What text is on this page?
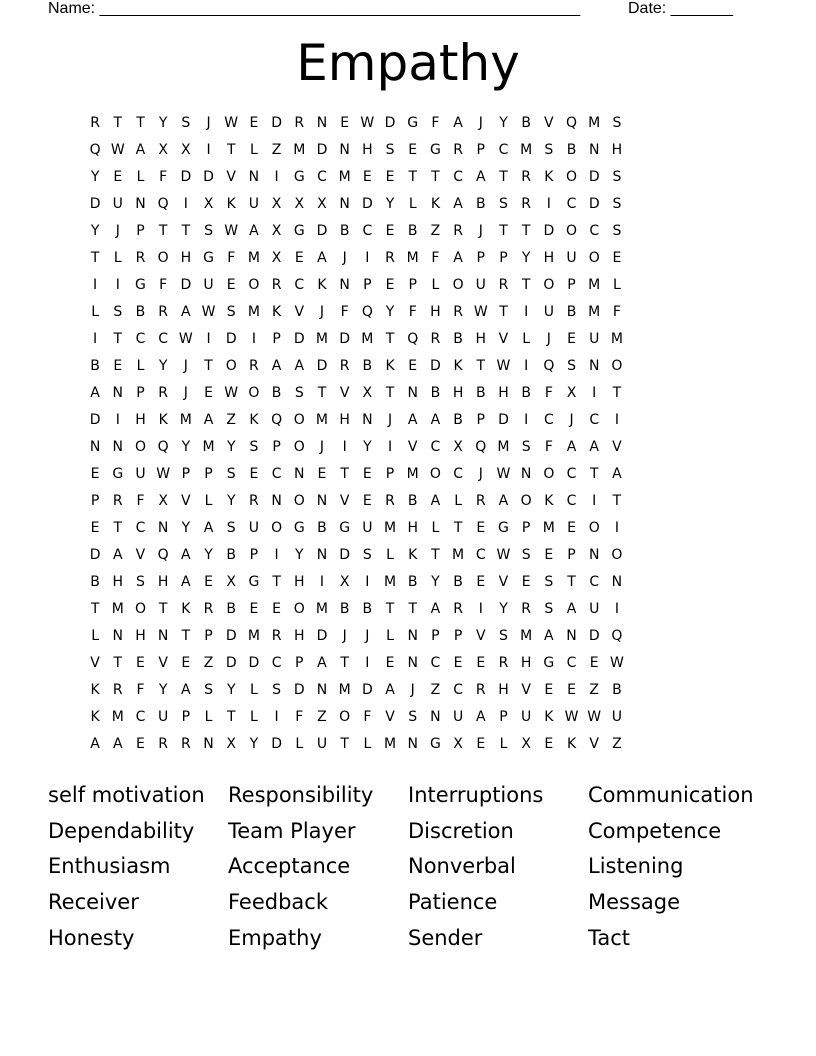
Name: ______________________________________________________	Date: _______
Empathy
R T T Y S	J W E D R N E W D G F A	J	Y B V Q M S
Q W A X X	I	T	L Z M D N H S E G R P C M S B N H
Y E L	F D D V N	I	G C M E E T T C A T R K O D S
D U N Q	I	X K U X X X N D Y	L K A B S R	I	C D S
Y	J	P T T S W A X G D B C E B Z R	J	T T D O C S
T	L R O H G F M X E A	J	I	R M F A P P Y H U O E
I	I	G F D U E O R C K N P E P	L O U R T O P M L
L S B R A W S M K V	J	F Q Y F H R W T	I	U B M F
I	T C C W I	D	I	P D M D M T Q R B H V L	J	E U M
B E L	Y	J	T O R A A D R B K E D K T W I	Q S N O
A N P R	J	E W O B S T V X T N B H B H B F X	I	T
D	I	H K M A Z K Q O M H N	J	A A B P D	I	C	J	C	I
N N O Q Y M Y S P O	J	I	Y	I	V C X Q M S F A A V
E G U W P P S E C N E T E P M O C	J W N O C T A
P R F X V L	Y R N O N V E R B A L R A O K C	I	T
E T C N Y A S U O G B G U M H L	T E G P M E O	I
D A V Q A Y B P	I	Y N D S L K T M C W S E P N O
B H S H A E X G T H	I	X	I	M B Y B E V E S T C N
T M O T K R B E E O M B B T T A R	I	Y R S A U	I
L N H N T P D M R H D	J	J	L N P P V S M A N D Q
V T E V E Z D D C P A T	I	E N C E E R H G C E W
K R F Y A S Y	L S D N M D A	J	Z C R H V E E Z B
K M C U P	L	T	L	I	F Z O F V S N U A P U K W W U
A A E R R N X Y D L U T	L M N G X E L X E K V Z
self motivation	Responsibility	Interruptions	Communication
Dependability	Team Player	Discretion	Competence
Enthusiasm	Acceptance	Nonverbal	Listening
Receiver	Feedback	Patience	Message
Honesty	Empathy	Sender	Tact
